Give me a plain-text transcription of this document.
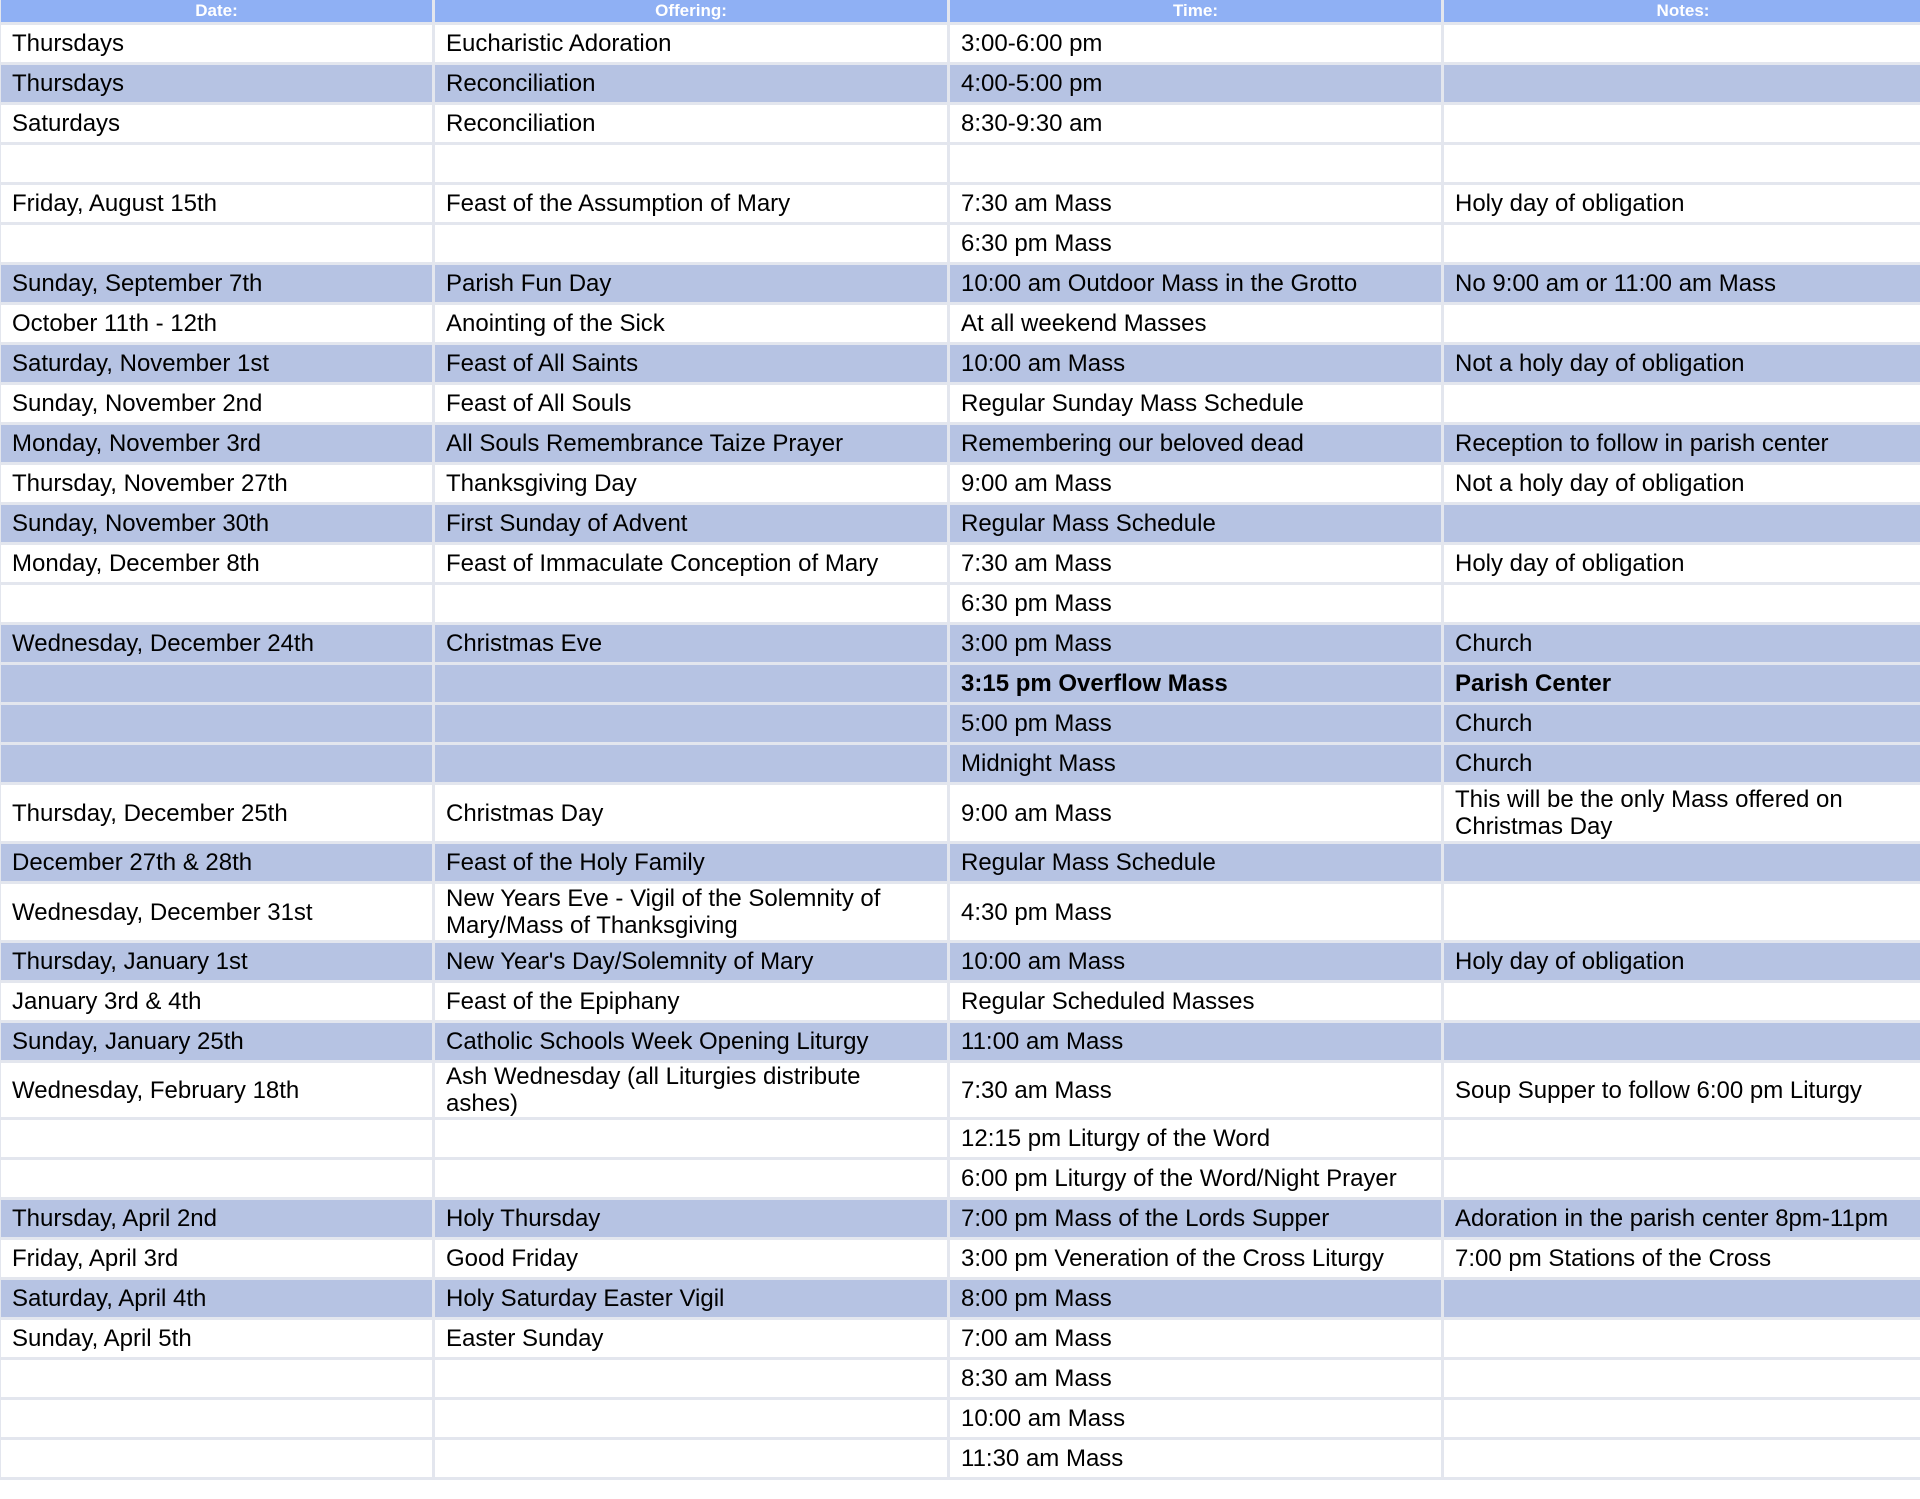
Date:	Offering:	Time:	Notes:
Thursdays	Eucharistic Adoration	3:00-6:00 pm	
Thursdays	Reconciliation	4:00-5:00 pm	
Saturdays	Reconciliation	8:30-9:30 am	

Friday, August 15th	Feast of the Assumption of Mary	7:30 am Mass	Holy day of obligation
		6:30 pm Mass	
Sunday, September 7th	Parish Fun Day	10:00 am Outdoor Mass in the Grotto	No 9:00 am or 11:00 am Mass
October 11th - 12th	Anointing of the Sick	At all weekend Masses	
Saturday, November 1st	Feast of All Saints	10:00 am Mass	Not a holy day of obligation
Sunday, November 2nd	Feast of All Souls	Regular Sunday Mass Schedule	
Monday, November 3rd	All Souls Remembrance Taize Prayer	Remembering our beloved dead	Reception to follow in parish center
Thursday, November 27th	Thanksgiving Day	9:00 am Mass	Not a holy day of obligation
Sunday, November 30th	First Sunday of Advent	Regular Mass Schedule	
Monday, December 8th	Feast of Immaculate Conception of Mary	7:30 am Mass	Holy day of obligation
		6:30 pm Mass	
Wednesday, December 24th	Christmas Eve	3:00 pm Mass	Church
		3:15 pm Overflow Mass	Parish Center
		5:00 pm Mass	Church
		Midnight Mass	Church
Thursday, December 25th	Christmas Day	9:00 am Mass	This will be the only Mass offered on Christmas Day
December 27th & 28th	Feast of the Holy Family	Regular Mass Schedule	
Wednesday, December 31st	New Years Eve - Vigil of the Solemnity of Mary/Mass of Thanksgiving	4:30 pm Mass	
Thursday, January 1st	New Year's Day/Solemnity of Mary	10:00 am Mass	Holy day of obligation
January 3rd & 4th	Feast of the Epiphany	Regular Scheduled Masses	
Sunday, January 25th	Catholic Schools Week Opening Liturgy	11:00 am Mass	
Wednesday, February 18th	Ash Wednesday (all Liturgies distribute ashes)	7:30 am Mass	Soup Supper to follow 6:00 pm Liturgy
		12:15 pm Liturgy of the Word	
		6:00 pm Liturgy of the Word/Night Prayer	
Thursday, April 2nd	Holy Thursday	7:00 pm Mass of the Lords Supper	Adoration in the parish center 8pm-11pm
Friday, April 3rd	Good Friday	3:00 pm Veneration of the Cross Liturgy	7:00 pm Stations of the Cross
Saturday, April 4th	Holy Saturday Easter Vigil	8:00 pm Mass	
Sunday, April 5th	Easter Sunday	7:00 am Mass	
		8:30 am Mass	
		10:00 am Mass	
		11:30 am Mass	
